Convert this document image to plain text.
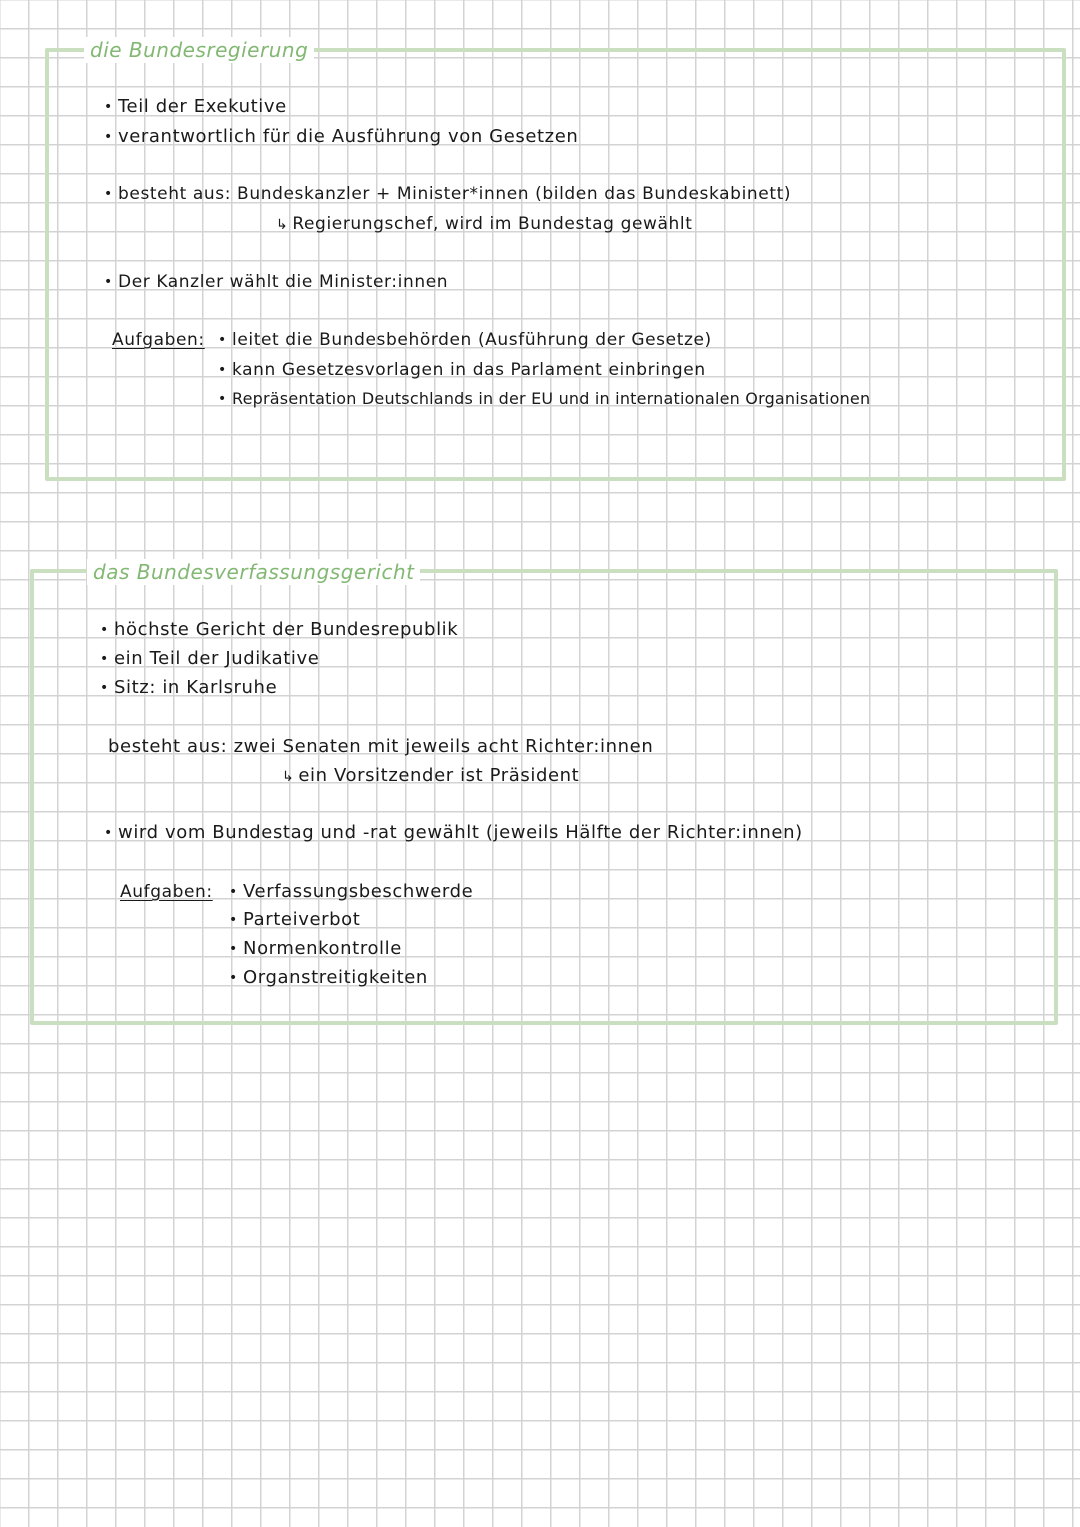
die Bundesregierung
• Teil der Exekutive
• verantwortlich für die Ausführung von Gesetzen
• besteht aus: Bundeskanzler + Minister*innen (bilden das Bundeskabinett)
↳ Regierungschef, wird im Bundestag gewählt
• Der Kanzler wählt die Minister:innen
Aufgaben:	• leitet die Bundesbehörden (Ausführung der Gesetze)
• kann Gesetzesvorlagen in das Parlament einbringen
• Repräsentation Deutschlands in der EU und in internationalen Organisationen
das Bundesverfassungsgericht
• höchste Gericht der Bundesrepublik
• ein Teil der Judikative
• Sitz: in Karlsruhe
besteht aus: zwei Senaten mit jeweils acht Richter:innen
↳ ein Vorsitzender ist Präsident
• wird vom Bundestag und -rat gewählt (jeweils Hälfte der Richter:innen)
Aufgaben:	• Verfassungsbeschwerde
• Parteiverbot
• Normenkontrolle
• Organstreitigkeiten
